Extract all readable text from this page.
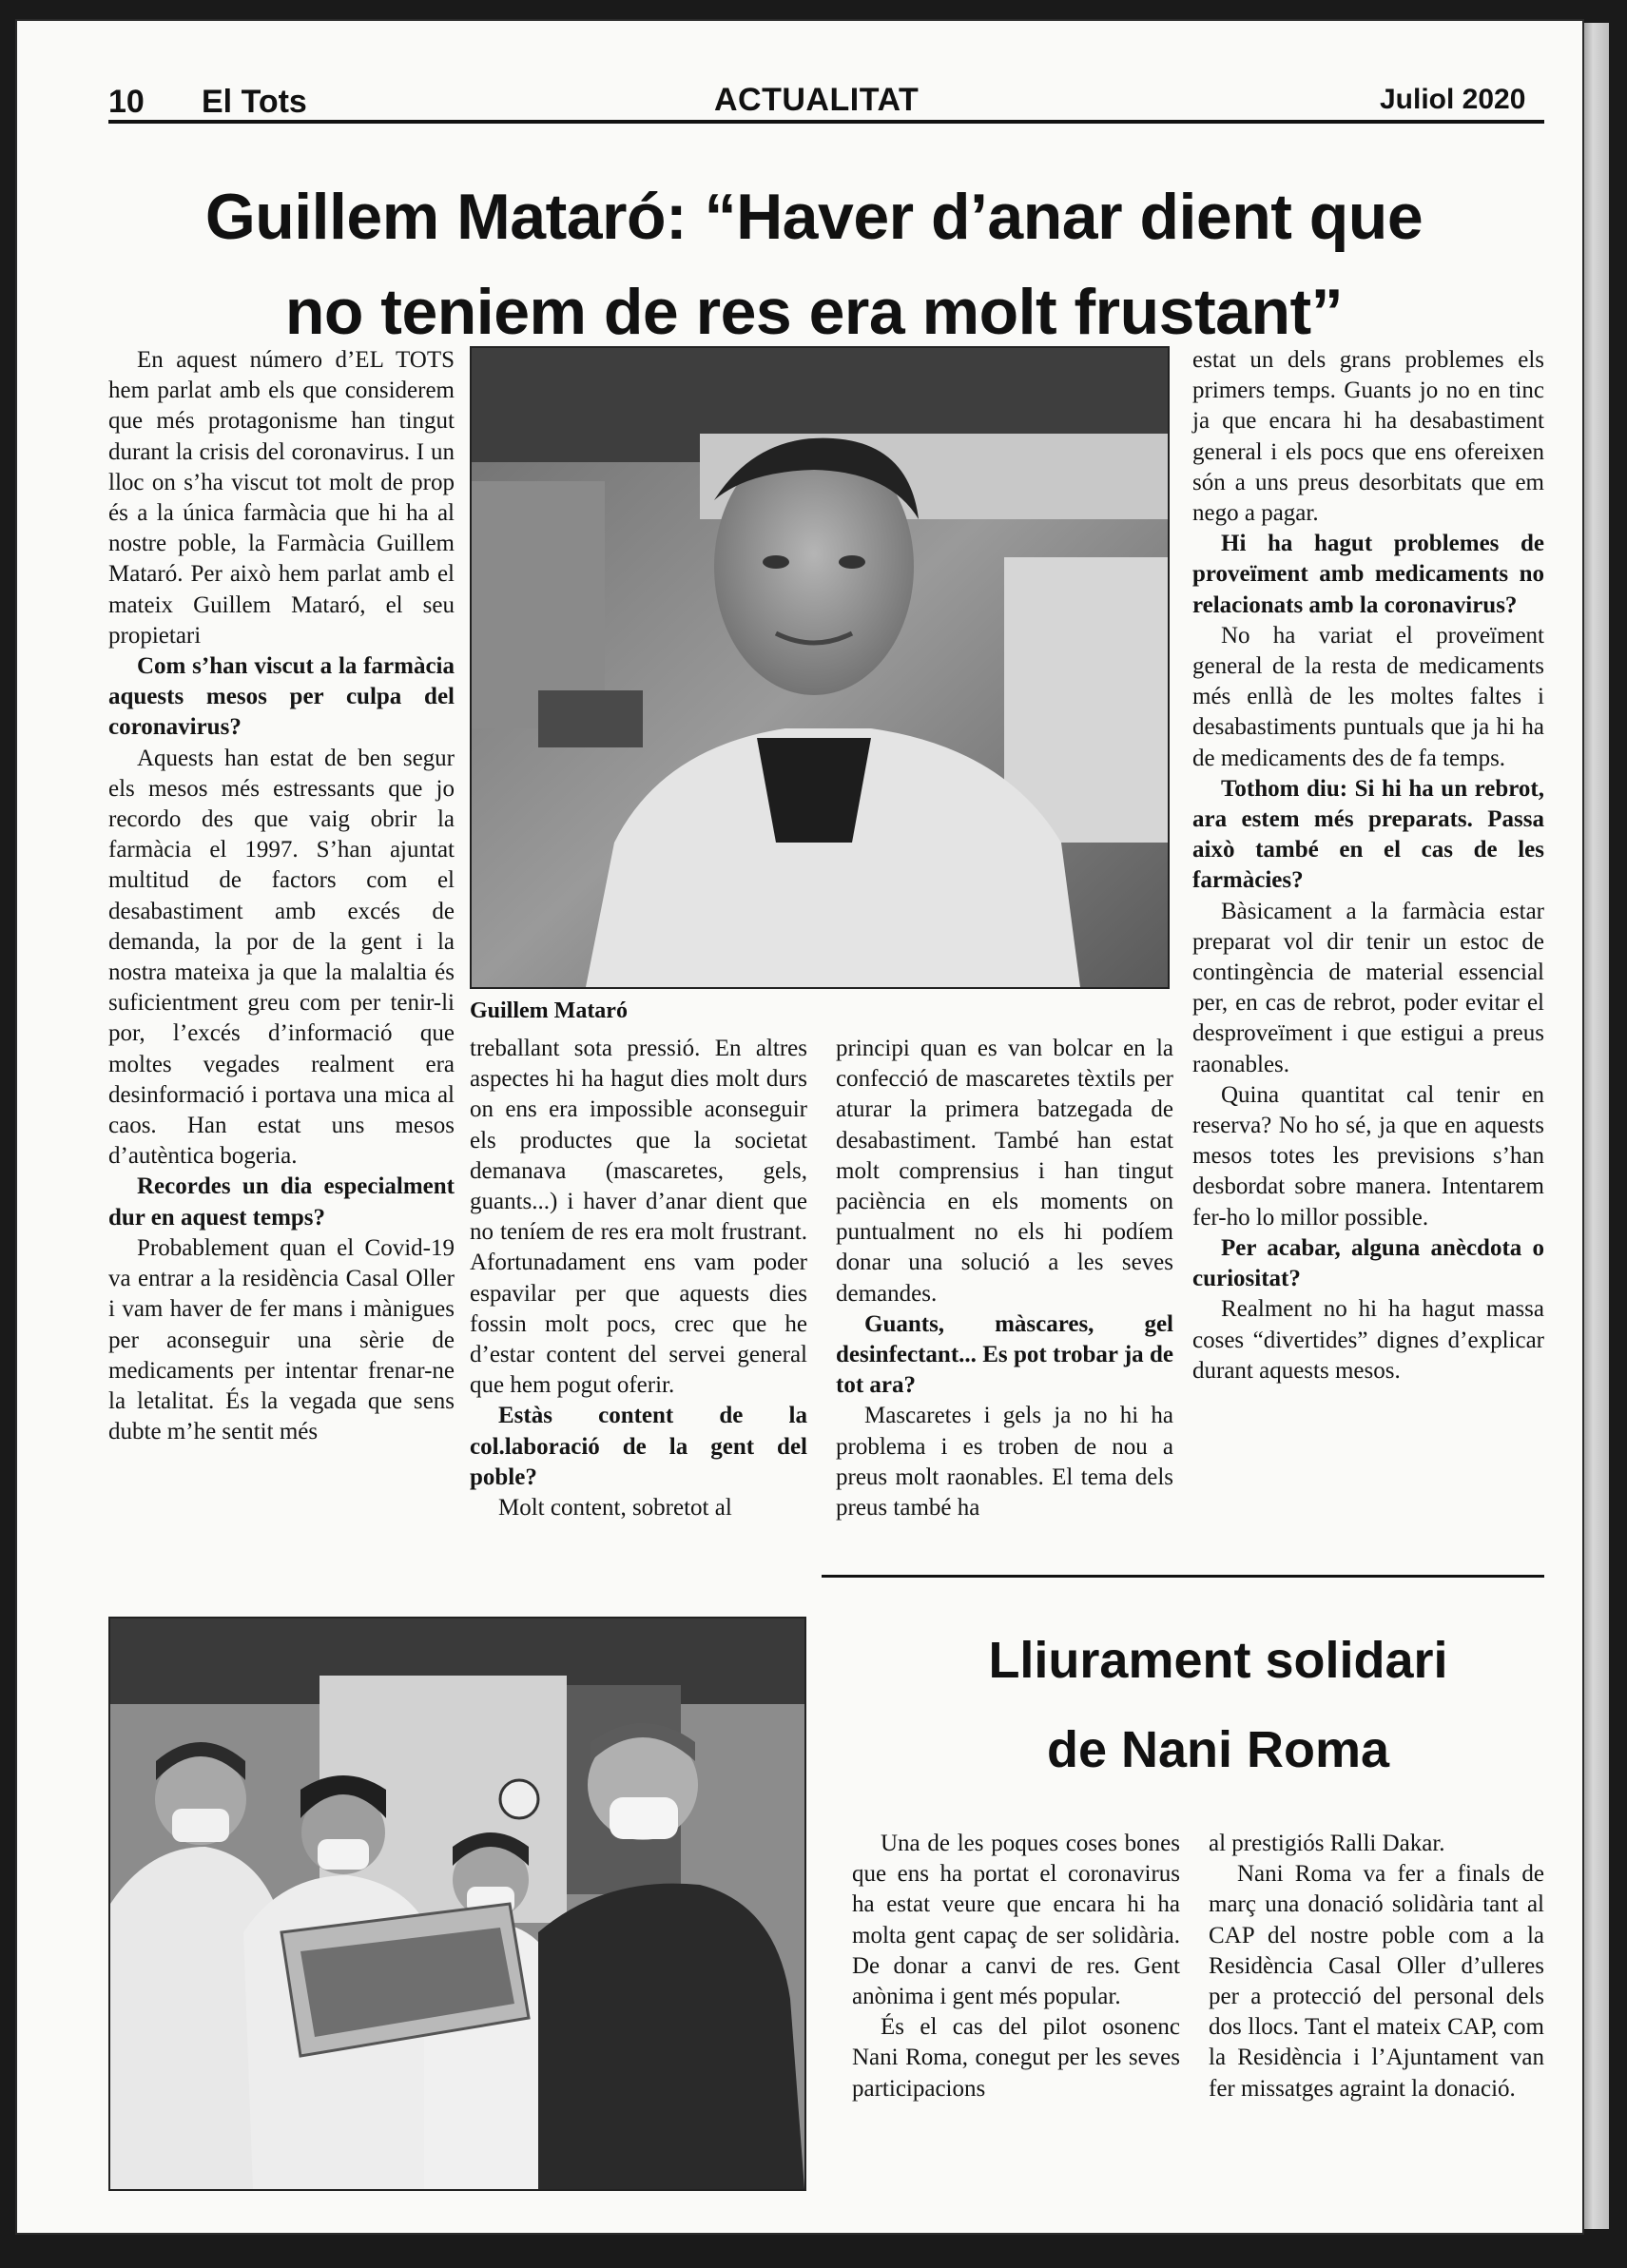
10 El Tots	ACTUALITAT	Juliol 2020
Guillem Mataró: “Haver d’anar dient que
no teniem de res era molt frustant”

En aquest número d’EL TOTS hem parlat amb els que considerem que més protagonisme han tingut durant la crisis del coronavirus. I un lloc on s’ha viscut tot molt de prop és a la única farmàcia que hi ha al nostre poble, la Farmàcia Guillem Mataró. Per això hem parlat amb el mateix Guillem Mataró, el seu propietari

Com s’han viscut a la farmàcia aquests mesos per culpa del coronavirus?

Aquests han estat de ben segur els mesos més estressants que jo recordo des que vaig obrir la farmàcia el 1997. S’han ajuntat multitud de factors com el desabastiment amb excés de demanda, la por de la gent i la nostra mateixa ja que la malaltia és suficientment greu com per tenir-li por, l’excés d’informació que moltes vegades realment era desinformació i portava una mica al caos. Han estat uns mesos d’autèntica bogeria.

Recordes un dia especialment dur en aquest temps?

Probablement quan el Covid-19 va entrar a la residència Casal Oller i vam haver de fer mans i mànigues per aconseguir una sèrie de medicaments per intentar frenar-ne la letalitat. És la vegada que sens dubte m’he sentit més

Guillem Mataró

treballant sota pressió. En altres aspectes hi ha hagut dies molt durs on ens era impossible aconseguir els productes que la societat demanava (mascaretes, gels, guants...) i haver d’anar dient que no teníem de res era molt frustrant. Afortunadament ens vam poder espavilar per que aquests dies fossin molt pocs, crec que he d’estar content del servei general que hem pogut oferir.

Estàs content de la col.laboració de la gent del poble?

Molt content, sobretot al

principi quan es van bolcar en la confecció de mascaretes tèxtils per aturar la primera batzegada de desabastiment. També han estat molt comprensius i han tingut paciència en els moments on puntualment no els hi podíem donar una solució a les seves demandes.

Guants, màscares, gel desinfectant... Es pot trobar ja de tot ara?

Mascaretes i gels ja no hi ha problema i es troben de nou a preus molt raonables. El tema dels preus també ha

estat un dels grans problemes els primers temps. Guants jo no en tinc ja que encara hi ha desabastiment general i els pocs que ens ofereixen són a uns preus desorbitats que em nego a pagar.

Hi ha hagut problemes de proveïment amb medicaments no relacionats amb la coronavirus?

No ha variat el proveïment general de la resta de medicaments més enllà de les moltes faltes i desabastiments puntuals que ja hi ha de medicaments des de fa temps.

Tothom diu: Si hi ha un rebrot, ara estem més preparats. Passa això també en el cas de les farmàcies?

Bàsicament a la farmàcia estar preparat vol dir tenir un estoc de contingència de material essencial per, en cas de rebrot, poder evitar el desproveïment i que estigui a preus raonables.

Quina quantitat cal tenir en reserva? No ho sé, ja que en aquests mesos totes les previsions s’han desbordat sobre manera. Intentarem fer-ho lo millor possible.

Per acabar, alguna anècdota o curiositat?

Realment no hi ha hagut massa coses “divertides” dignes d’explicar durant aquests mesos.

Lliurament solidari
de Nani Roma

Una de les poques coses bones que ens ha portat el coronavirus ha estat veure que encara hi ha molta gent capaç de ser solidària. De donar a canvi de res. Gent anònima i gent més popular.

És el cas del pilot osonenc Nani Roma, conegut per les seves participacions

al prestigiós Ralli Dakar.

Nani Roma va fer a finals de març una donació solidària tant al CAP del nostre poble com a la Residència Casal Oller d’ulleres per a protecció del personal dels dos llocs. Tant el mateix CAP, com la Residència i l’Ajuntament van fer missatges agraint la donació.
